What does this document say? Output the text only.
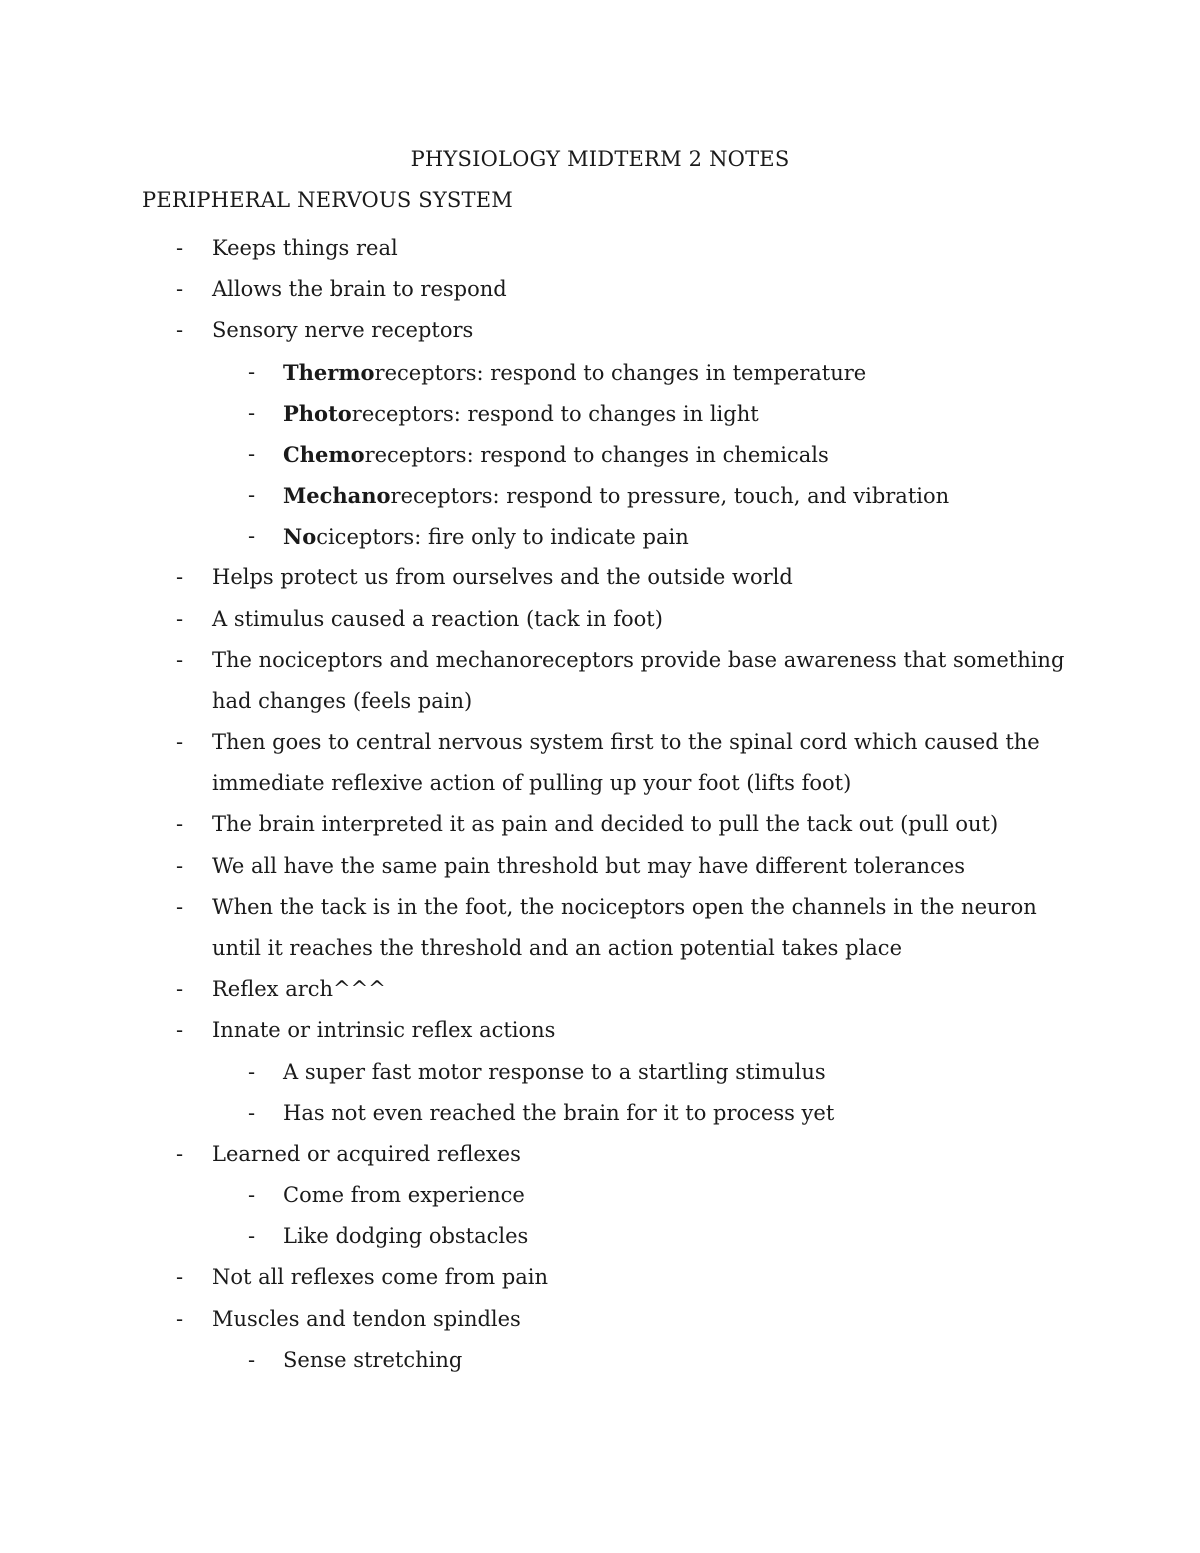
PHYSIOLOGY MIDTERM 2 NOTES
PERIPHERAL NERVOUS SYSTEM
- Keeps things real
- Allows the brain to respond
- Sensory nerve receptors
- Thermoreceptors: respond to changes in temperature
- Photoreceptors: respond to changes in light
- Chemoreceptors: respond to changes in chemicals
- Mechanoreceptors: respond to pressure, touch, and vibration
- Nociceptors: fire only to indicate pain
- Helps protect us from ourselves and the outside world
- A stimulus caused a reaction (tack in foot)
- The nociceptors and mechanoreceptors provide base awareness that something
had changes (feels pain)
- Then goes to central nervous system first to the spinal cord which caused the
immediate reflexive action of pulling up your foot (lifts foot)
- The brain interpreted it as pain and decided to pull the tack out (pull out)
- We all have the same pain threshold but may have different tolerances
- When the tack is in the foot, the nociceptors open the channels in the neuron
until it reaches the threshold and an action potential takes place
- Reflex arch^^^
- Innate or intrinsic reflex actions
- A super fast motor response to a startling stimulus
- Has not even reached the brain for it to process yet
- Learned or acquired reflexes
- Come from experience
- Like dodging obstacles
- Not all reflexes come from pain
- Muscles and tendon spindles
- Sense stretching
